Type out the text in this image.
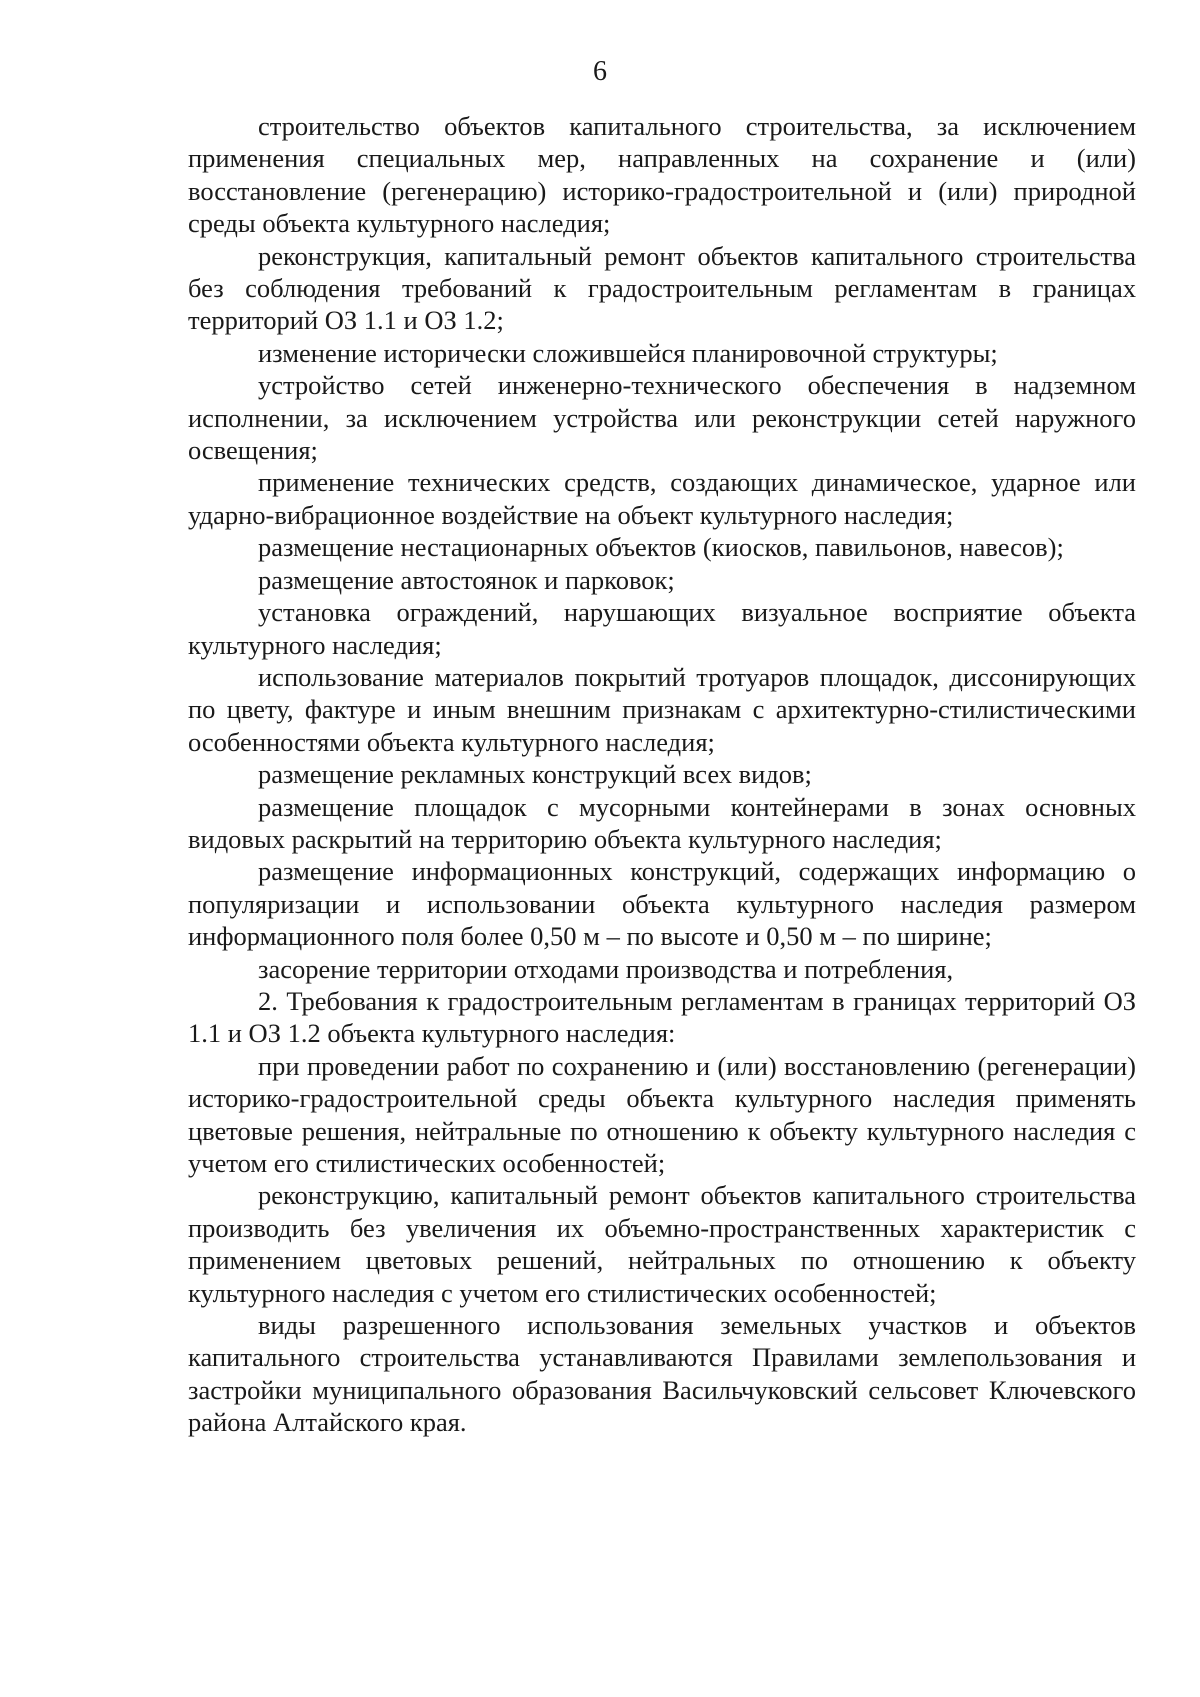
6

строительство объектов капитального строительства, за исключением применения специальных мер, направленных на сохранение и (или) восстановление (регенерацию) историко-градостроительной и (или) природной среды объекта культурного наследия;

реконструкция, капитальный ремонт объектов капитального строительства без соблюдения требований к градостроительным регламентам в границах территорий ОЗ 1.1 и ОЗ 1.2;

изменение исторически сложившейся планировочной структуры;

устройство сетей инженерно-технического обеспечения в надземном исполнении, за исключением устройства или реконструкции сетей наружного освещения;

применение технических средств, создающих динамическое, ударное или ударно-вибрационное воздействие на объект культурного наследия;

размещение нестационарных объектов (киосков, павильонов, навесов);

размещение автостоянок и парковок;

установка ограждений, нарушающих визуальное восприятие объекта культурного наследия;

использование материалов покрытий тротуаров площадок, диссонирующих по цвету, фактуре и иным внешним признакам с архитектурно-стилистическими особенностями объекта культурного наследия;

размещение рекламных конструкций всех видов;

размещение площадок с мусорными контейнерами в зонах основных видовых раскрытий на территорию объекта культурного наследия;

размещение информационных конструкций, содержащих информацию о популяризации и использовании объекта культурного наследия размером информационного поля более 0,50 м – по высоте и 0,50 м – по ширине;

засорение территории отходами производства и потребления,

2. Требования к градостроительным регламентам в границах территорий ОЗ 1.1 и ОЗ 1.2 объекта культурного наследия:

при проведении работ по сохранению и (или) восстановлению (регенерации) историко-градостроительной среды объекта культурного наследия применять цветовые решения, нейтральные по отношению к объекту культурного наследия с учетом его стилистических особенностей;

реконструкцию, капитальный ремонт объектов капитального строительства производить без увеличения их объемно-пространственных характеристик с применением цветовых решений, нейтральных по отношению к объекту культурного наследия с учетом его стилистических особенностей;

виды разрешенного использования земельных участков и объектов капитального строительства устанавливаются Правилами землепользования и застройки муниципального образования Васильчуковский сельсовет Ключевского района Алтайского края.
